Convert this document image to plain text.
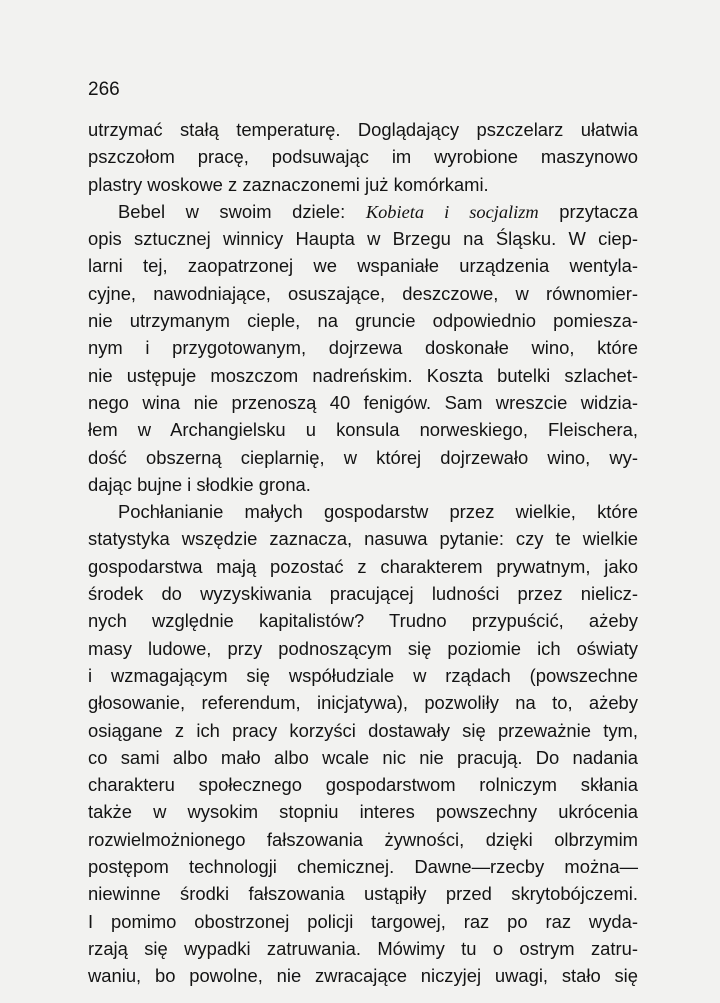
266
utrzymać stałą temperaturę. Doglądający pszczelarz ułatwia
pszczołom pracę, podsuwając im wyrobione maszynowo
plastry woskowe z zaznaczonemi już komórkami.
Bebel w swoim dziele: Kobieta i socjalizm przytacza
opis sztucznej winnicy Haupta w Brzegu na Śląsku. W ciep-
larni tej, zaopatrzonej we wspaniałe urządzenia wentyla-
cyjne, nawodniające, osuszające, deszczowe, w równomier-
nie utrzymanym cieple, na gruncie odpowiednio pomiesza-
nym i przygotowanym, dojrzewa doskonałe wino, które
nie ustępuje moszczom nadreńskim. Koszta butelki szlachet-
nego wina nie przenoszą 40 fenigów. Sam wreszcie widzia-
łem w Archangielsku u konsula norweskiego, Fleischera,
dość obszerną cieplarnię, w której dojrzewało wino, wy-
dając bujne i słodkie grona.
Pochłanianie małych gospodarstw przez wielkie, które
statystyka wszędzie zaznacza, nasuwa pytanie: czy te wielkie
gospodarstwa mają pozostać z charakterem prywatnym, jako
środek do wyzyskiwania pracującej ludności przez nielicz-
nych względnie kapitalistów? Trudno przypuścić, ażeby
masy ludowe, przy podnoszącym się poziomie ich oświaty
i wzmagającym się współudziale w rządach (powszechne
głosowanie, referendum, inicjatywa), pozwoliły na to, ażeby
osiągane z ich pracy korzyści dostawały się przeważnie tym,
co sami albo mało albo wcale nic nie pracują. Do nadania
charakteru społecznego gospodarstwom rolniczym skłania
także w wysokim stopniu interes powszechny ukrócenia
rozwielmożnionego fałszowania żywności, dzięki olbrzymim
postępom technologji chemicznej. Dawne—rzecby można—
niewinne środki fałszowania ustąpiły przed skrytobójczemi.
I pomimo obostrzonej policji targowej, raz po raz wyda-
rzają się wypadki zatruwania. Mówimy tu o ostrym zatru-
waniu, bo powolne, nie zwracające niczyjej uwagi, stało się
